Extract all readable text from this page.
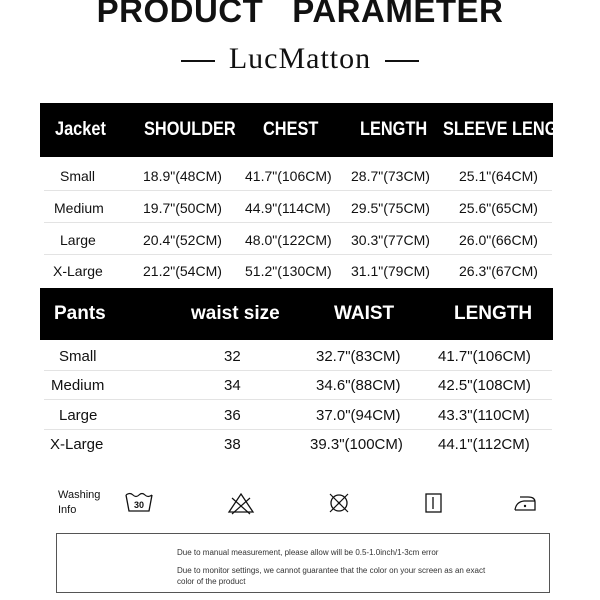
PRODUCT   PARAMETER
LucMatton
Jacket SHOULDER CHEST LENGTH SLEEVE LENGTH
Small	18.9"(48CM) 41.7"(106CM) 28.7"(73CM) 25.1"(64CM)
Medium	19.7"(50CM) 44.9"(114CM) 29.5"(75CM) 25.6"(65CM)
Large	20.4"(52CM) 48.0"(122CM) 30.3"(77CM) 26.0"(66CM)
X-Large	21.2"(54CM) 51.2"(130CM) 31.1"(79CM) 26.3"(67CM)
Pants	waist size	WAIST	LENGTH
Small	32	32.7"(83CM) 41.7"(106CM)
Medium	34	34.6"(88CM) 42.5"(108CM)
Large	36	37.0"(94CM) 43.3"(110CM)
X-Large	38	39.3"(100CM) 44.1"(112CM)
Washing
Info	30
Due to manual measurement, please allow will be 0.5-1.0inch/1-3cm error
Due to monitor settings, we cannot guarantee that the color on your screen as an exact color of the product
